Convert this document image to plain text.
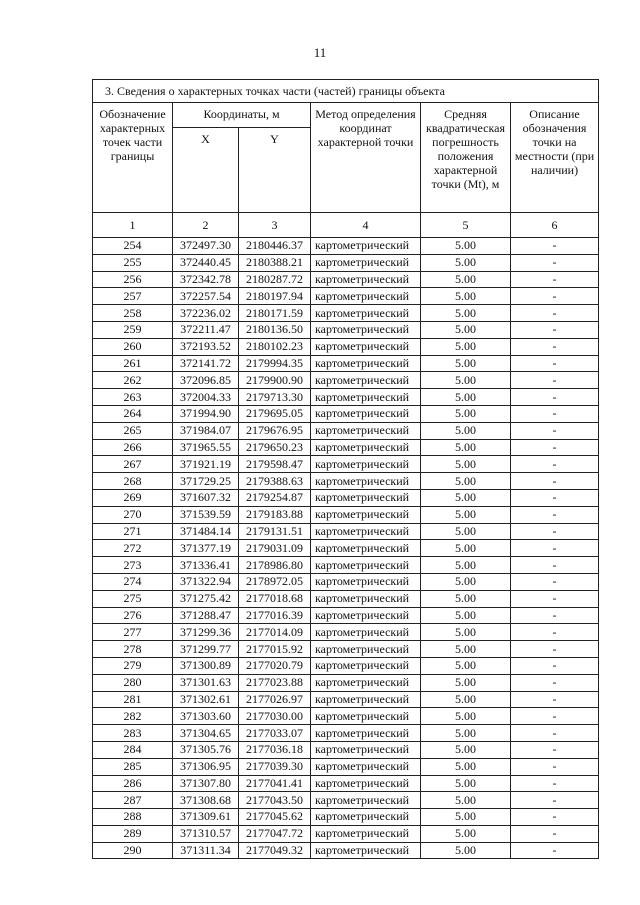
11
3. Сведения о характерных точках части (частей) границы объекта					
Обозначение характерных точек части границы	Координаты, м		Метод определения координат характерной точки	Средняя квадратическая погрешность положения характерной точки (Mt), м	Описание обозначения точки на местности (при наличии)
	X	Y			
1	2	3	4	5	6
254	372497.30	2180446.37	картометрический	5.00	-
255	372440.45	2180388.21	картометрический	5.00	-
256	372342.78	2180287.72	картометрический	5.00	-
257	372257.54	2180197.94	картометрический	5.00	-
258	372236.02	2180171.59	картометрический	5.00	-
259	372211.47	2180136.50	картометрический	5.00	-
260	372193.52	2180102.23	картометрический	5.00	-
261	372141.72	2179994.35	картометрический	5.00	-
262	372096.85	2179900.90	картометрический	5.00	-
263	372004.33	2179713.30	картометрический	5.00	-
264	371994.90	2179695.05	картометрический	5.00	-
265	371984.07	2179676.95	картометрический	5.00	-
266	371965.55	2179650.23	картометрический	5.00	-
267	371921.19	2179598.47	картометрический	5.00	-
268	371729.25	2179388.63	картометрический	5.00	-
269	371607.32	2179254.87	картометрический	5.00	-
270	371539.59	2179183.88	картометрический	5.00	-
271	371484.14	2179131.51	картометрический	5.00	-
272	371377.19	2179031.09	картометрический	5.00	-
273	371336.41	2178986.80	картометрический	5.00	-
274	371322.94	2178972.05	картометрический	5.00	-
275	371275.42	2177018.68	картометрический	5.00	-
276	371288.47	2177016.39	картометрический	5.00	-
277	371299.36	2177014.09	картометрический	5.00	-
278	371299.77	2177015.92	картометрический	5.00	-
279	371300.89	2177020.79	картометрический	5.00	-
280	371301.63	2177023.88	картометрический	5.00	-
281	371302.61	2177026.97	картометрический	5.00	-
282	371303.60	2177030.00	картометрический	5.00	-
283	371304.65	2177033.07	картометрический	5.00	-
284	371305.76	2177036.18	картометрический	5.00	-
285	371306.95	2177039.30	картометрический	5.00	-
286	371307.80	2177041.41	картометрический	5.00	-
287	371308.68	2177043.50	картометрический	5.00	-
288	371309.61	2177045.62	картометрический	5.00	-
289	371310.57	2177047.72	картометрический	5.00	-
290	371311.34	2177049.32	картометрический	5.00	-
